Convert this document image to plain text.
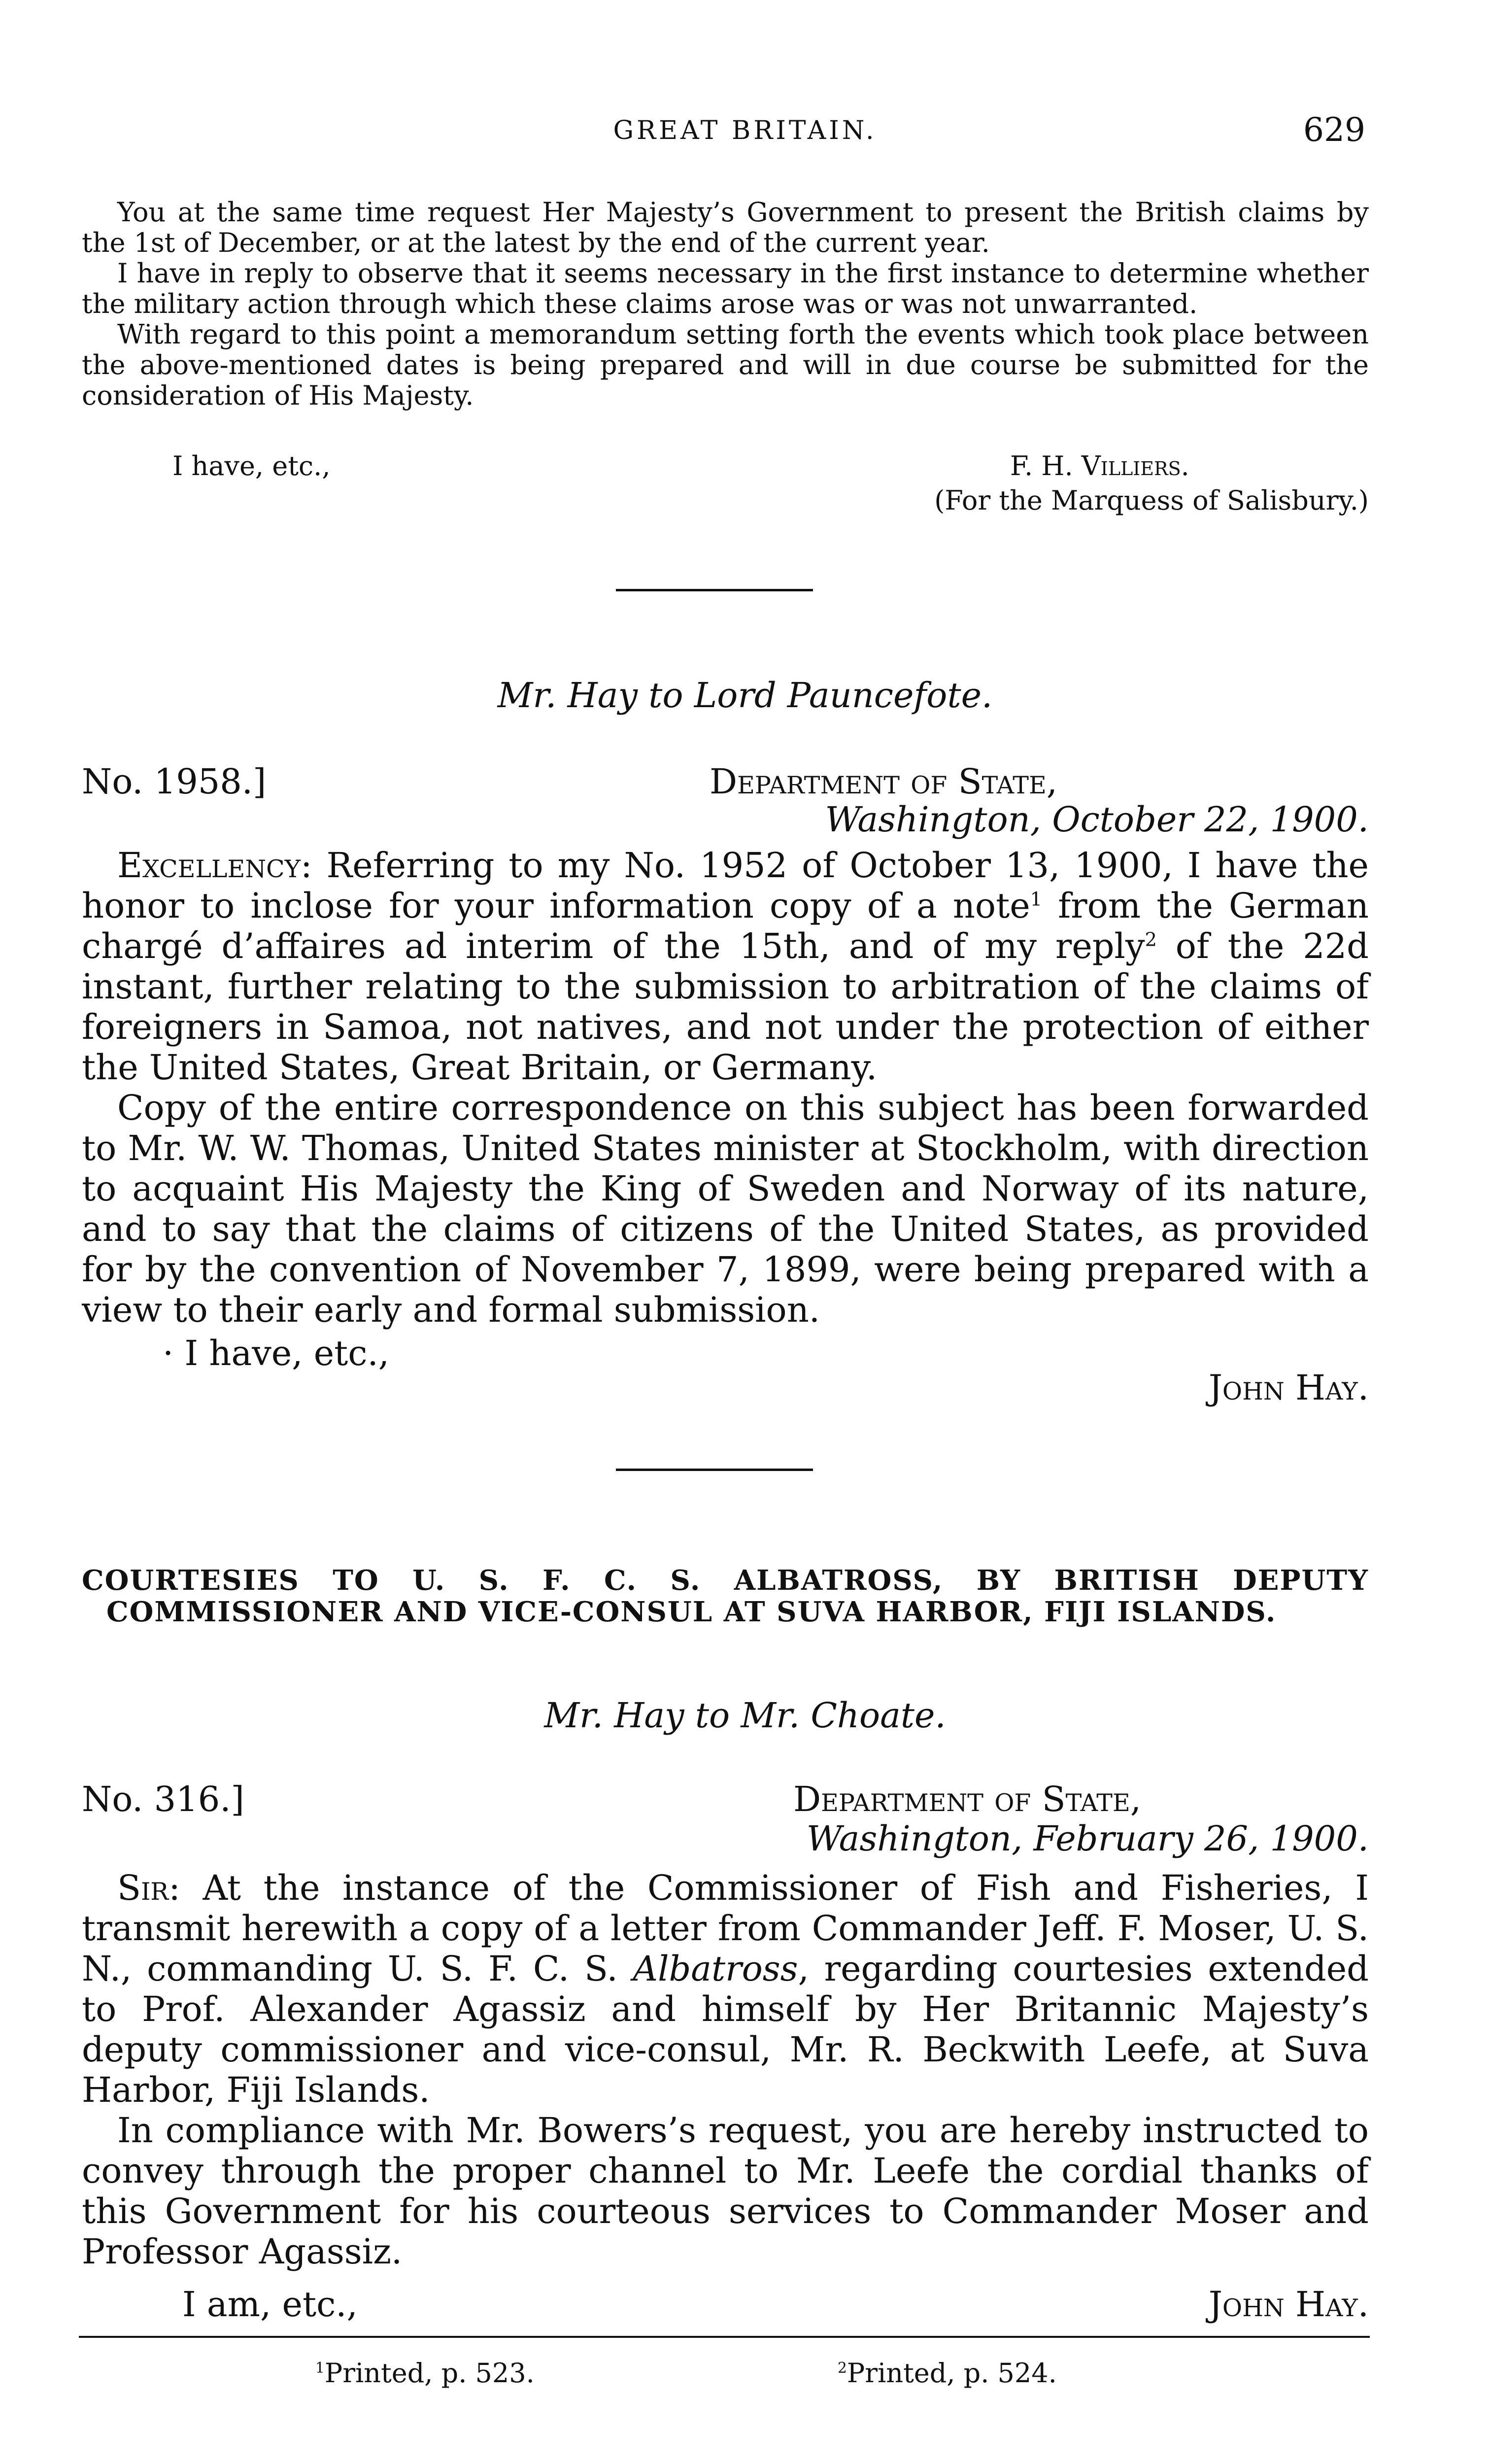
GREAT BRITAIN.	629

You at the same time request Her Majesty’s Government to present the British claims by the 1st of December, or at the latest by the end of the current year.

I have in reply to observe that it seems necessary in the first instance to determine whether the military action through which these claims arose was or was not unwarranted.

With regard to this point a memorandum setting forth the events which took place between the above-mentioned dates is being prepared and will in due course be submitted for the consideration of His Majesty.

I have, etc.,	F. H. Villiers.
(For the Marquess of Salisbury.)
Mr. Hay to Lord Pauncefote.
No. 1958.]	Department of State,
Washington, October 22, 1900.

Excellency: Referring to my No. 1952 of October 13, 1900, I have the honor to inclose for your information copy of a note$^1$ from the German chargé d’affaires ad interim of the 15th, and of my reply$^2$ of the 22d instant, further relating to the submission to arbitration of the claims of foreigners in Samoa, not natives, and not under the protection of either the United States, Great Britain, or Germany.

Copy of the entire correspondence on this subject has been forwarded to Mr. W. W. Thomas, United States minister at Stockholm, with direction to acquaint His Majesty the King of Sweden and Norway of its nature, and to say that the claims of citizens of the United States, as provided for by the convention of November 7, 1899, were being prepared with a view to their early and formal submission.

· I have, etc.,
John Hay.

COURTESIES TO U. S. F. C. S. ALBATROSS, BY BRITISH DEPUTY COMMISSIONER AND VICE-CONSUL AT SUVA HARBOR, FIJI ISLANDS.

Mr. Hay to Mr. Choate.
No. 316.]	Department of State,
Washington, February 26, 1900.

Sir: At the instance of the Commissioner of Fish and Fisheries, I transmit herewith a copy of a letter from Commander Jeff. F. Moser, U. S. N., commanding U. S. F. C. S. Albatross, regarding courtesies extended to Prof. Alexander Agassiz and himself by Her Britannic Majesty’s deputy commissioner and vice-consul, Mr. R. Beckwith Leefe, at Suva Harbor, Fiji Islands.

In compliance with Mr. Bowers’s request, you are hereby instructed to convey through the proper channel to Mr. Leefe the cordial thanks of this Government for his courteous services to Commander Moser and Professor Agassiz.

I am, etc.,	John Hay.
$^1$Printed, p. 523.	$^2$Printed, p. 524.
